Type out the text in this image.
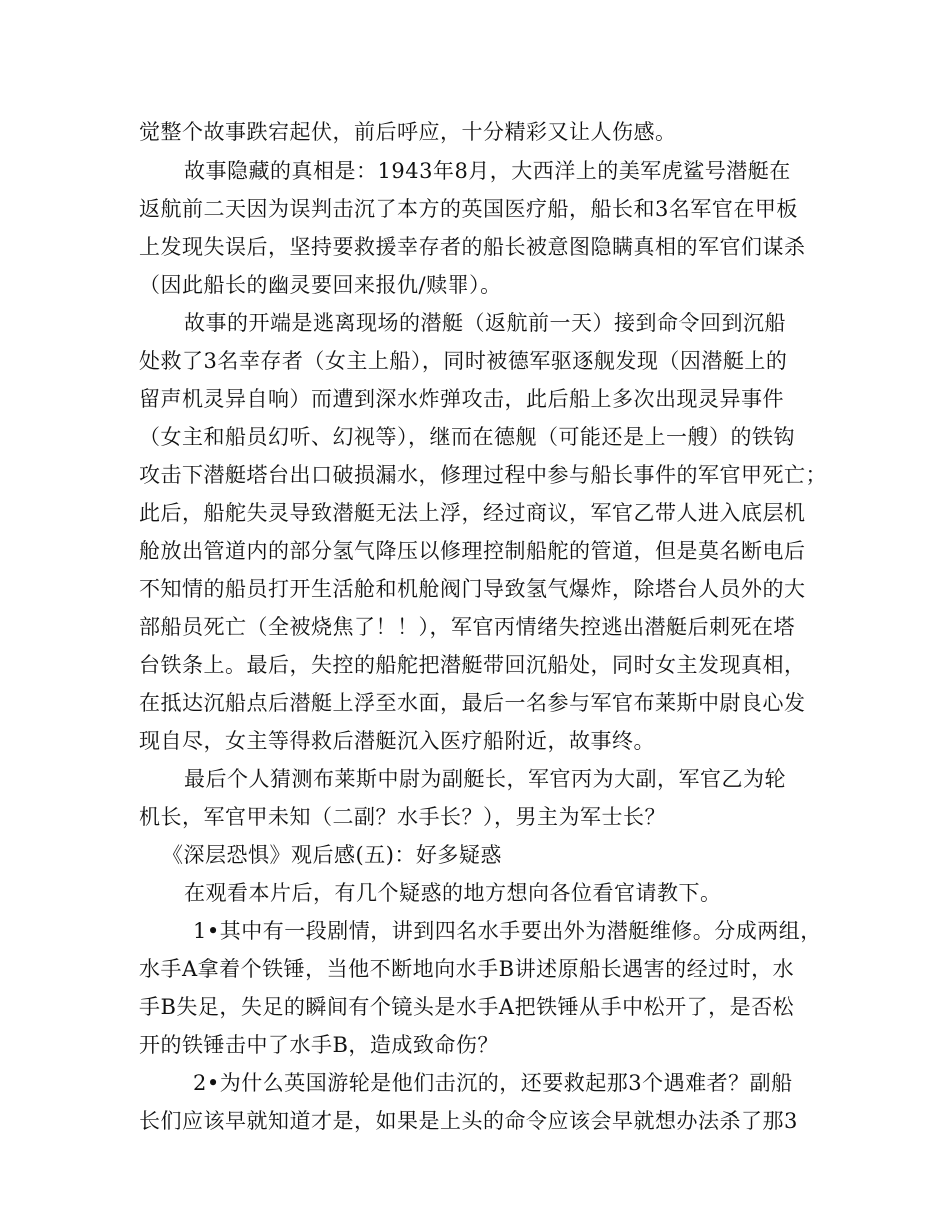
觉整个故事跌宕起伏，前后呼应，十分精彩又让人伤感。
故事隐藏的真相是：1943年8月，大西洋上的美军虎鲨号潜艇在
返航前二天因为误判击沉了本方的英国医疗船，船长和3名军官在甲板
上发现失误后，坚持要救援幸存者的船长被意图隐瞒真相的军官们谋杀
（因此船长的幽灵要回来报仇/赎罪）。
故事的开端是逃离现场的潜艇（返航前一天）接到命令回到沉船
处救了3名幸存者（女主上船），同时被德军驱逐舰发现（因潜艇上的
留声机灵异自响）而遭到深水炸弹攻击，此后船上多次出现灵异事件
（女主和船员幻听、幻视等），继而在德舰（可能还是上一艘）的铁钩
攻击下潜艇塔台出口破损漏水，修理过程中参与船长事件的军官甲死亡；
此后，船舵失灵导致潜艇无法上浮，经过商议，军官乙带人进入底层机
舱放出管道内的部分氢气降压以修理控制船舵的管道，但是莫名断电后
不知情的船员打开生活舱和机舱阀门导致氢气爆炸，除塔台人员外的大
部船员死亡（全被烧焦了！！），军官丙情绪失控逃出潜艇后刺死在塔
台铁条上。最后，失控的船舵把潜艇带回沉船处，同时女主发现真相，
在抵达沉船点后潜艇上浮至水面，最后一名参与军官布莱斯中尉良心发
现自尽，女主等得救后潜艇沉入医疗船附近，故事终。
最后个人猜测布莱斯中尉为副艇长，军官丙为大副，军官乙为轮
机长，军官甲未知（二副？水手长？），男主为军士长？
《深层恐惧》观后感(五)：好多疑惑
在观看本片后，有几个疑惑的地方想向各位看官请教下。
1•其中有一段剧情，讲到四名水手要出外为潜艇维修。分成两组，
水手A拿着个铁锤，当他不断地向水手B讲述原船长遇害的经过时，水
手B失足，失足的瞬间有个镜头是水手A把铁锤从手中松开了，是否松
开的铁锤击中了水手B，造成致命伤？
2•为什么英国游轮是他们击沉的，还要救起那3个遇难者？副船
长们应该早就知道才是，如果是上头的命令应该会早就想办法杀了那3
